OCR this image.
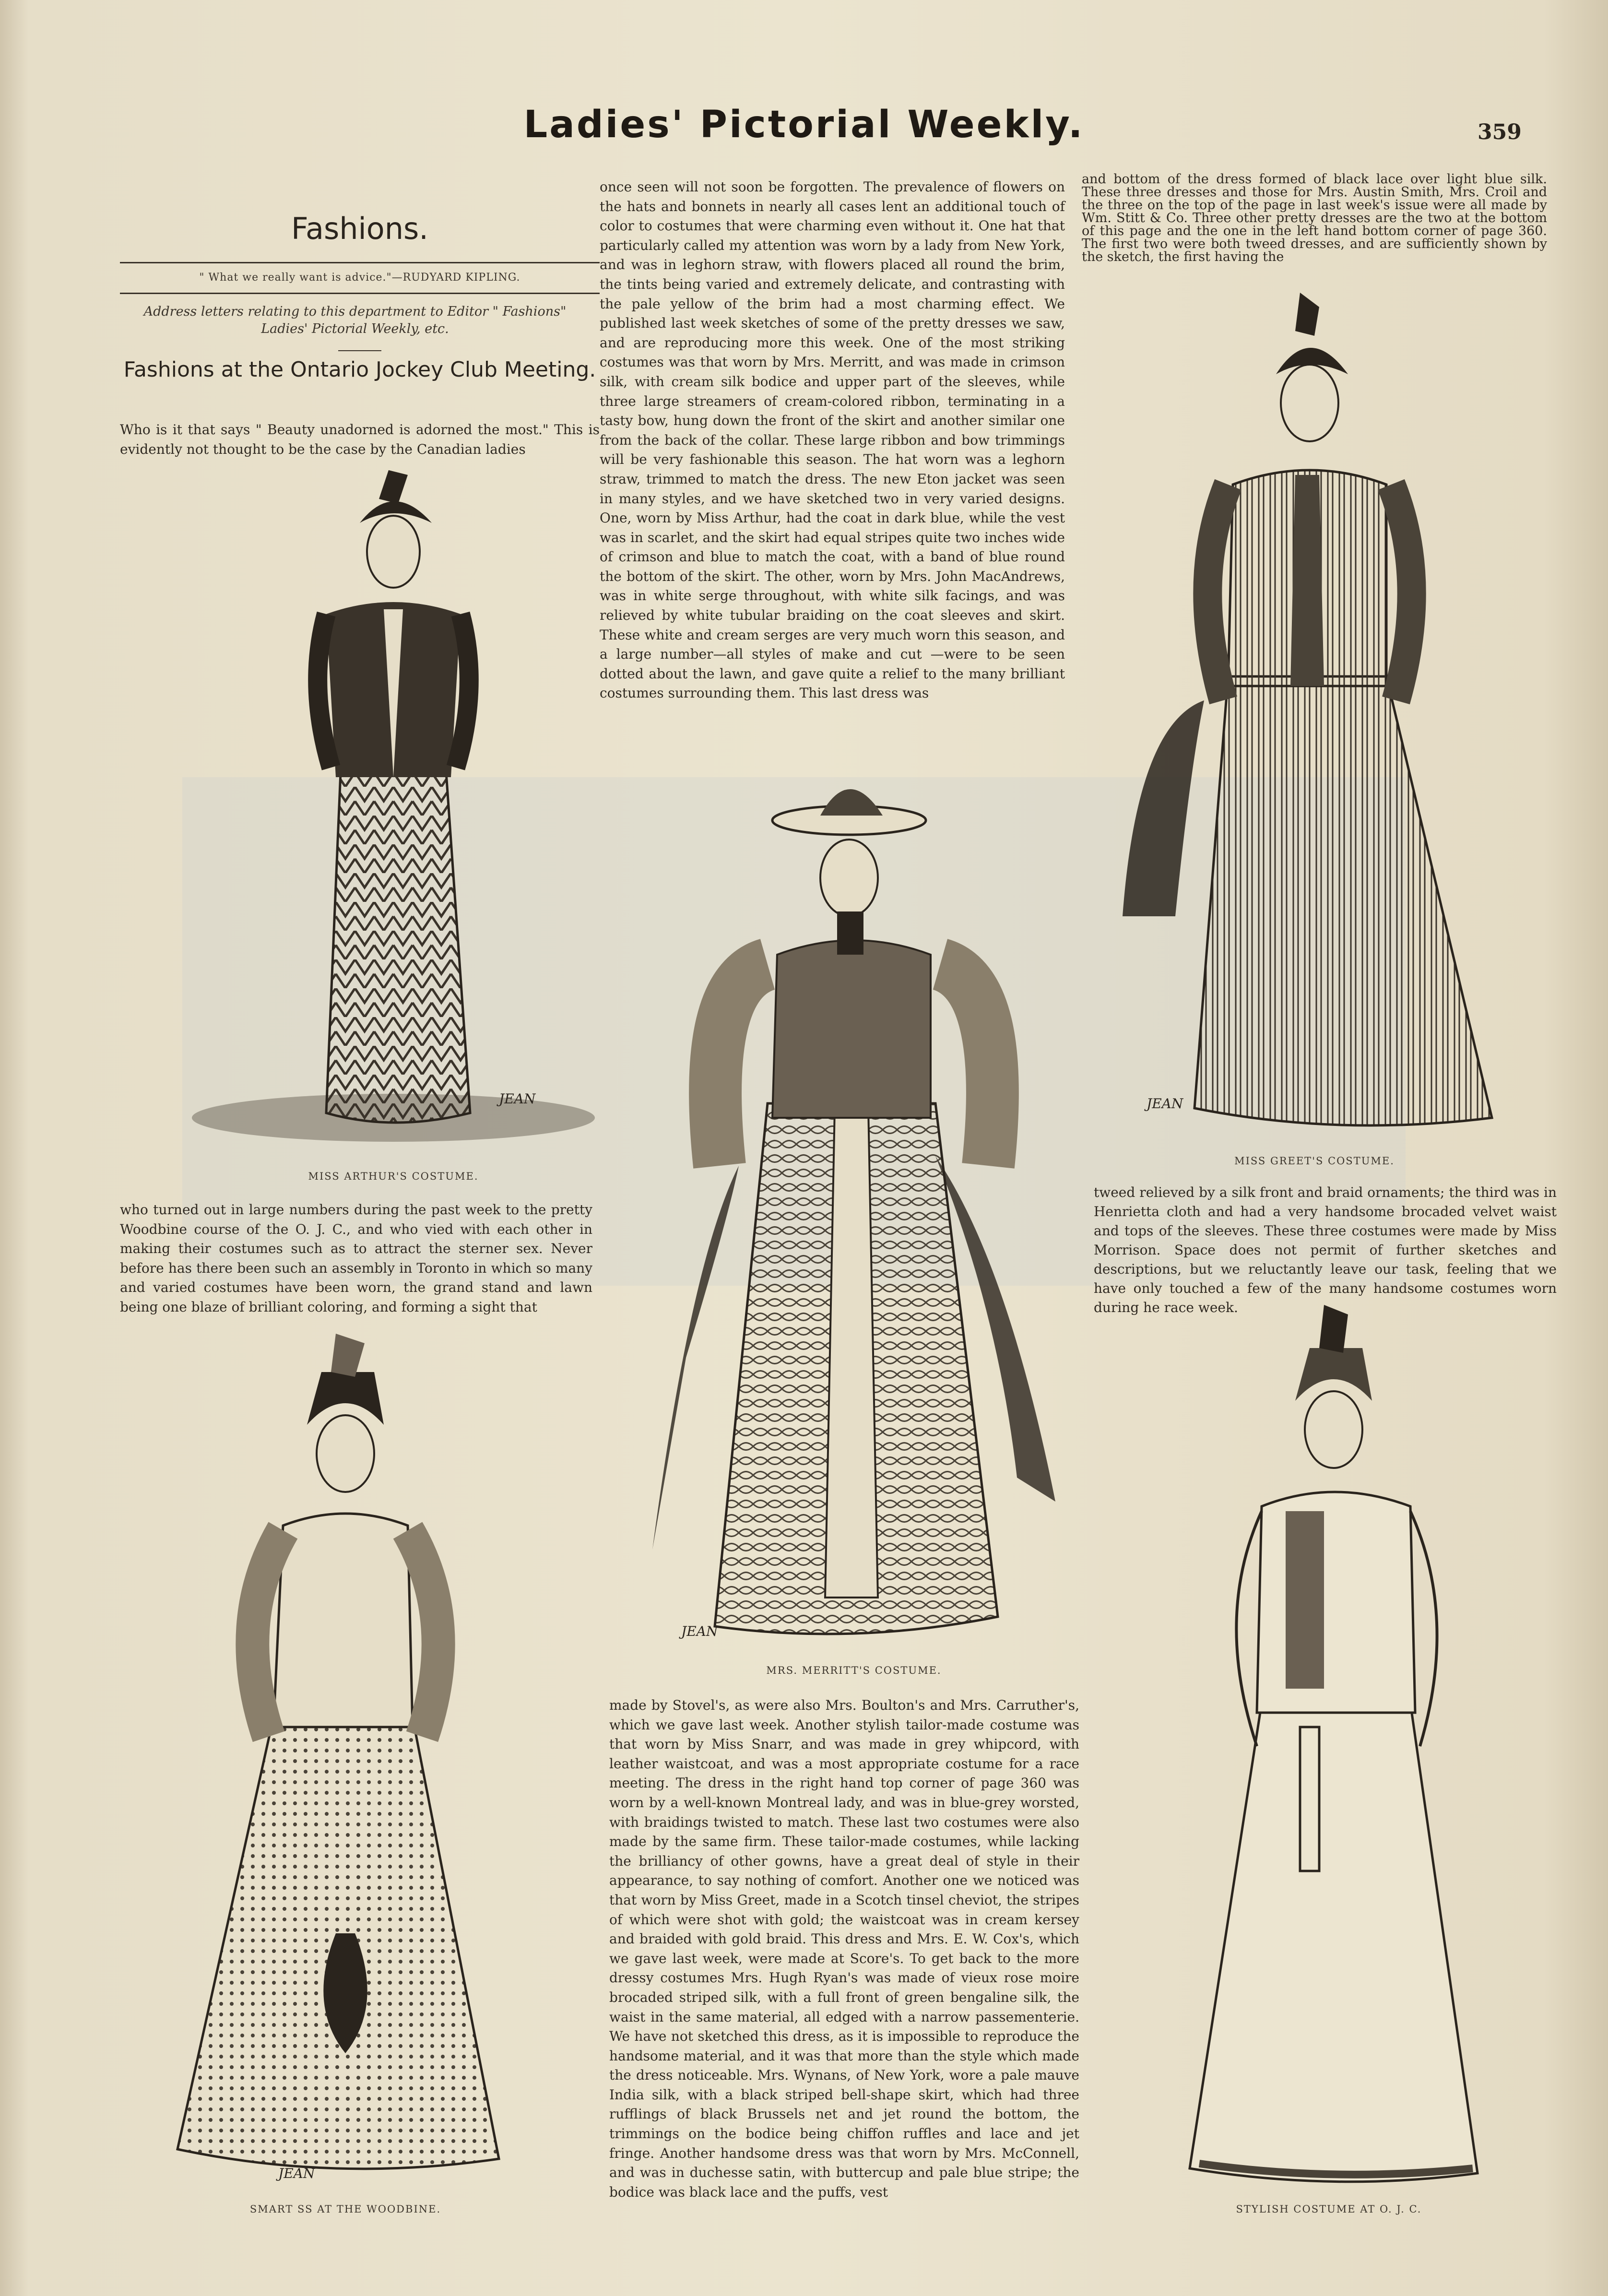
Ladies' Pictorial Weekly.	359
Fashions.
" What we really want is advice."—RUDYARD KIPLING.
Address letters relating to this department to Editor " Fashions" Ladies' Pictorial Weekly, etc.
Fashions at the Ontario Jockey Club Meeting.
Who is it that says " Beauty unadorned is adorned the most." This is evidently not thought to be the case by the Canadian ladies
who turned out in large numbers during the past week to the pretty Woodbine course of the O. J. C., and who vied with each other in making their costumes such as to attract the sterner sex. Never before has there been such an assembly in Toronto in which so many and varied costumes have been worn, the grand stand and lawn being one blaze of brilliant coloring, and forming a sight that
once seen will not soon be forgotten. The prevalence of flowers on the hats and bonnets in nearly all cases lent an additional touch of color to costumes that were charming even without it. One hat that particularly called my attention was worn by a lady from New York, and was in leghorn straw, with flowers placed all round the brim, the tints being varied and extremely delicate, and contrasting with the pale yellow of the brim had a most charming effect. We published last week sketches of some of the pretty dresses we saw, and are reproducing more this week. One of the most striking costumes was that worn by Mrs. Merritt, and was made in crimson silk, with cream silk bodice and upper part of the sleeves, while three large streamers of cream-colored ribbon, terminating in a tasty bow, hung down the front of the skirt and another similar one from the back of the collar. These large ribbon and bow trimmings will be very fashionable this season. The hat worn was a leghorn straw, trimmed to match the dress. The new Eton jacket was seen in many styles, and we have sketched two in very varied designs. One, worn by Miss Arthur, had the coat in dark blue, while the vest was in scarlet, and the skirt had equal stripes quite two inches wide of crimson and blue to match the coat, with a band of blue round the bottom of the skirt. The other, worn by Mrs. John MacAndrews, was in white serge throughout, with white silk facings, and was relieved by white tubular braiding on the coat sleeves and skirt. These white and cream serges are very much worn this season, and a large number—all styles of make and cut —were to be seen dotted about the lawn, and gave quite a relief to the many brilliant costumes surrounding them. This last dress was
made by Stovel's, as were also Mrs. Boulton's and Mrs. Carruther's, which we gave last week. Another stylish tailor-made costume was that worn by Miss Snarr, and was made in grey whipcord, with leather waistcoat, and was a most appropriate costume for a race meeting. The dress in the right hand top corner of page 360 was worn by a well-known Montreal lady, and was in blue-grey worsted, with braidings twisted to match. These last two costumes were also made by the same firm. These tailor-made costumes, while lacking the brilliancy of other gowns, have a great deal of style in their appearance, to say nothing of comfort. Another one we noticed was that worn by Miss Greet, made in a Scotch tinsel cheviot, the stripes of which were shot with gold; the waistcoat was in cream kersey and braided with gold braid. This dress and Mrs. E. W. Cox's, which we gave last week, were made at Score's. To get back to the more dressy costumes Mrs. Hugh Ryan's was made of vieux rose moire brocaded striped silk, with a full front of green bengaline silk, the waist in the same material, all edged with a narrow passementerie. We have not sketched this dress, as it is impossible to reproduce the handsome material, and it was that more than the style which made the dress noticeable. Mrs. Wynans, of New York, wore a pale mauve India silk, with a black striped bell-shape skirt, which had three rufflings of black Brussels net and jet round the bottom, the trimmings on the bodice being chiffon ruffles and lace and jet fringe. Another handsome dress was that worn by Mrs. McConnell, and was in duchesse satin, with buttercup and pale blue stripe; the bodice was black lace and the puffs, vest
and bottom of the dress formed of black lace over light blue silk. These three dresses and those for Mrs. Austin Smith, Mrs. Croil and the three on the top of the page in last week's issue were all made by Wm. Stitt & Co. Three other pretty dresses are the two at the bottom of this page and the one in the left hand bottom corner of page 360. The first two were both tweed dresses, and are sufficiently shown by the sketch, the first having the
tweed relieved by a silk front and braid ornaments; the third was in Henrietta cloth and had a very handsome brocaded velvet waist and tops of the sleeves. These three costumes were made by Miss Morrison. Space does not permit of further sketches and descriptions, but we reluctantly leave our task, feeling that we have only touched a few of the many handsome costumes worn during he race week.
JEAN
MISS ARTHUR'S COSTUME.
JEAN
MRS. MERRITT'S COSTUME.
JEAN
MISS GREET'S COSTUME.
JEAN
SMART SS AT THE WOODBINE.	STYLISH COSTUME AT O. J. C.
